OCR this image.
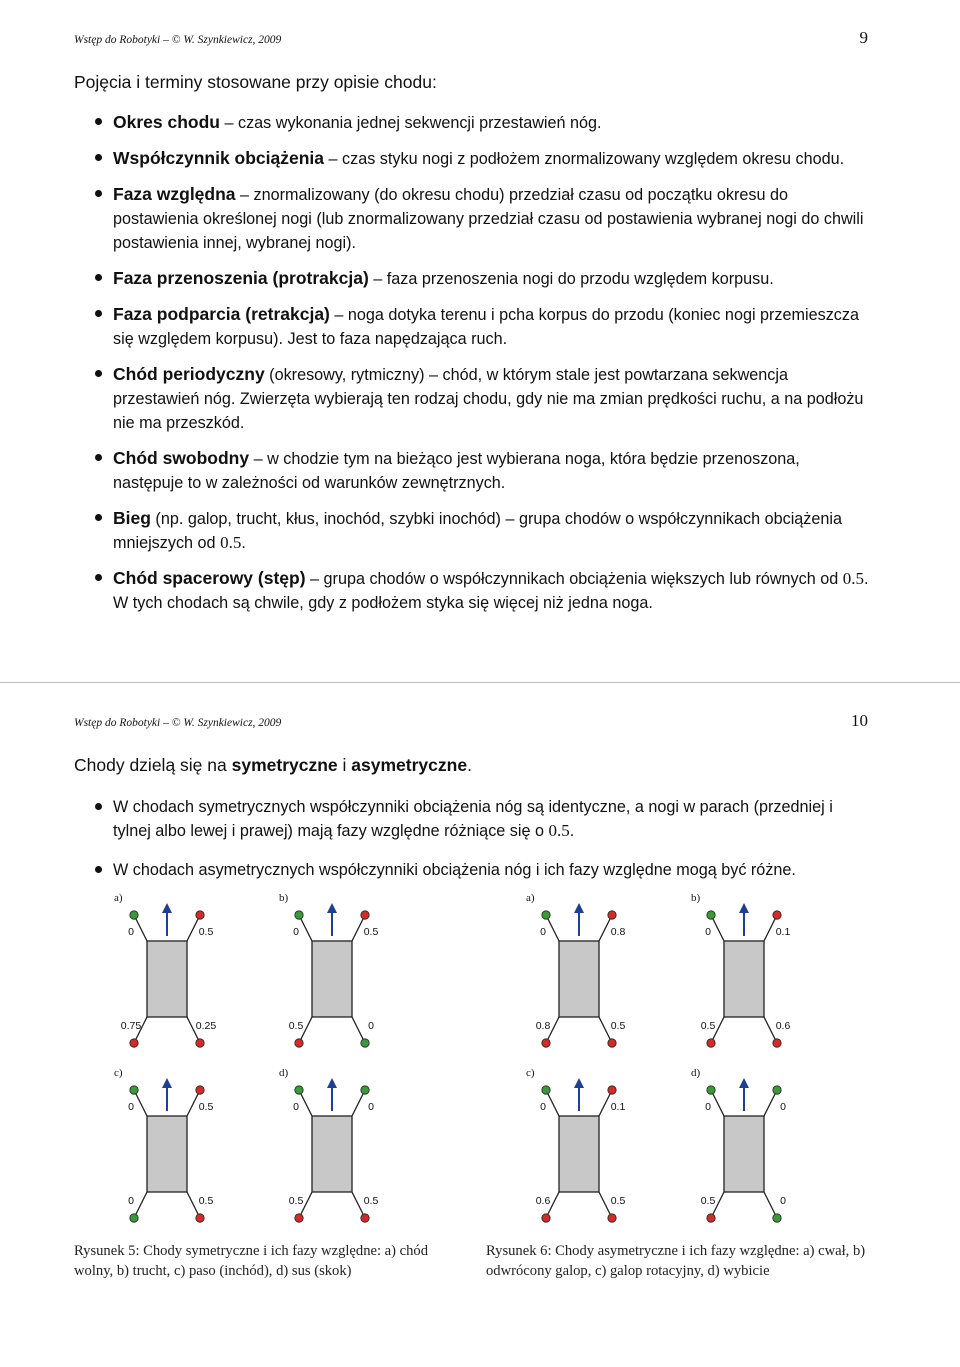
Wstęp do Robotyki – © W. Szynkiewicz, 2009	9
Pojęcia i terminy stosowane przy opisie chodu:
Okres chodu – czas wykonania jednej sekwencji przestawień nóg.
Współczynnik obciążenia – czas styku nogi z podłożem znormalizowany względem okresu chodu.
Faza względna – znormalizowany (do okresu chodu) przedział czasu od początku okresu do postawienia określonej nogi (lub znormalizowany przedział czasu od postawienia wybranej nogi do chwili postawienia innej, wybranej nogi).
Faza przenoszenia (protrakcja) – faza przenoszenia nogi do przodu względem korpusu.
Faza podparcia (retrakcja) – noga dotyka terenu i pcha korpus do przodu (koniec nogi przemieszcza się względem korpusu). Jest to faza napędzająca ruch.
Chód periodyczny (okresowy, rytmiczny) – chód, w którym stale jest powtarzana sekwencja przestawień nóg. Zwierzęta wybierają ten rodzaj chodu, gdy nie ma zmian prędkości ruchu, a na podłożu nie ma przeszkód.
Chód swobodny – w chodzie tym na bieżąco jest wybierana noga, która będzie przenoszona, następuje to w zależności od warunków zewnętrznych.
Bieg (np. galop, trucht, kłus, inochód, szybki inochód) – grupa chodów o współczynnikach obciążenia mniejszych od 0.5.
Chód spacerowy (stęp) – grupa chodów o współczynnikach obciążenia większych lub równych od 0.5. W tych chodach są chwile, gdy z podłożem styka się więcej niż jedna noga.
Wstęp do Robotyki – © W. Szynkiewicz, 2009	10
Chody dzielą się na symetryczne i asymetryczne.
W chodach symetrycznych współczynniki obciążenia nóg są identyczne, a nogi w parach (przedniej i tylnej albo lewej i prawej) mają fazy względne różniące się o 0.5.
W chodach asymetrycznych współczynniki obciążenia nóg i ich fazy względne mogą być różne.
a)
0	0.5
0.75	0.25
b)
0	0.5
0.5	0
c)
0	0.5
0	0.5
d)
0	0
0.5	0.5
a)
0	0.8
0.8	0.5
b)
0	0.1
0.5	0.6
c)
0	0.1
0.6	0.5
d)
0	0
0.5	0
Rysunek 5: Chody symetryczne i ich fazy względne: a) chód wolny, b) trucht, c) paso (inchód), d) sus (skok)
Rysunek 6: Chody asymetryczne i ich fazy względne: a) cwał, b) odwrócony galop, c) galop rotacyjny, d) wybicie
